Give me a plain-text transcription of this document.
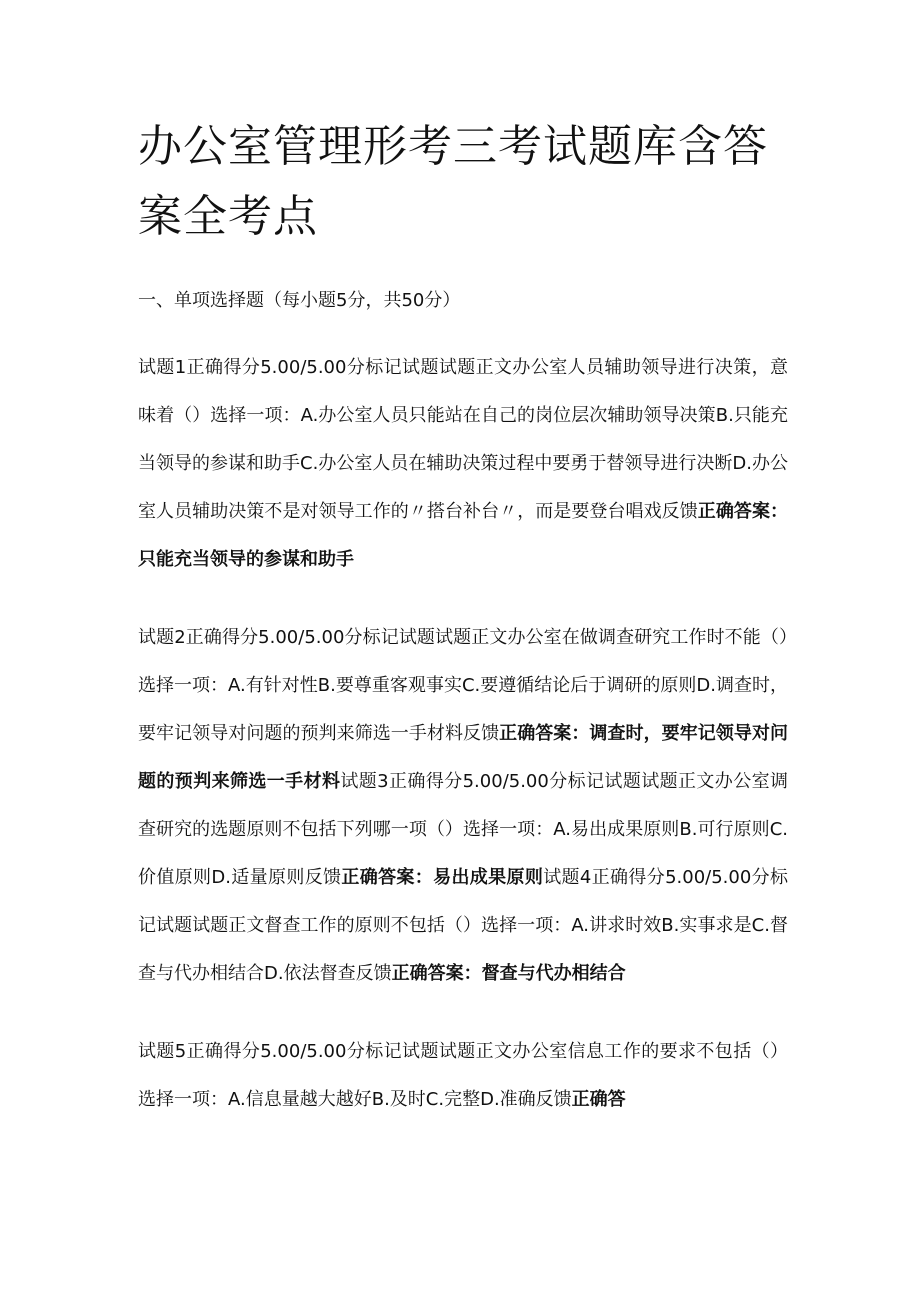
办公室管理形考三考试题库含答案全考点
一、单项选择题（每小题5分，共50分）

试题1正确得分5.00/5.00分标记试题试题正文办公室人员辅助领导进行决策，意味着（）选择一项：A.办公室人员只能站在自己的岗位层次辅助领导决策B.只能充当领导的参谋和助手C.办公室人员在辅助决策过程中要勇于替领导进行决断D.办公室人员辅助决策不是对领导工作的〃搭台补台〃，而是要登台唱戏反馈正确答案：只能充当领导的参谋和助手

试题2正确得分5.00/5.00分标记试题试题正文办公室在做调查研究工作时不能（）选择一项：A.有针对性B.要尊重客观事实C.要遵循结论后于调研的原则D.调查时，要牢记领导对问题的预判来筛选一手材料反馈正确答案：调查时，要牢记领导对问题的预判来筛选一手材料试题3正确得分5.00/5.00分标记试题试题正文办公室调查研究的选题原则不包括下列哪一项（）选择一项：A.易出成果原则B.可行原则C.价值原则D.适量原则反馈正确答案：易出成果原则试题4正确得分5.00/5.00分标记试题试题正文督查工作的原则不包括（）选择一项：A.讲求时效B.实事求是C.督查与代办相结合D.依法督查反馈正确答案：督查与代办相结合

试题5正确得分5.00/5.00分标记试题试题正文办公室信息工作的要求不包括（）选择一项：A.信息量越大越好B.及时C.完整D.准确反馈正确答
